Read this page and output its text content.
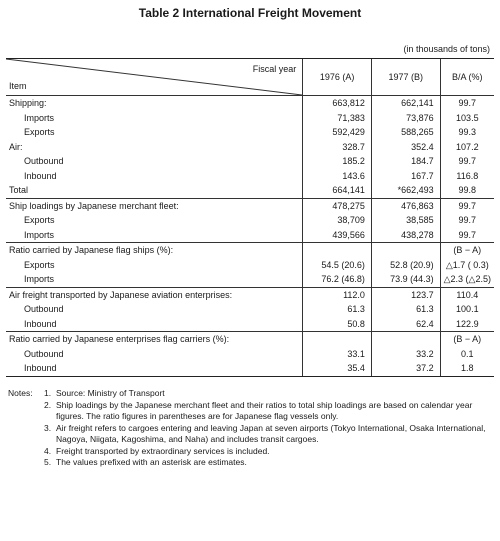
Table 2 International Freight Movement
(in thousands of tons)
Fiscal year
Item	1976 (A)	1977 (B)	B/A (%)
Shipping:	663,812	662,141	99.7
Imports	71,383	73,876	103.5
Exports	592,429	588,265	99.3
Air:	328.7	352.4	107.2
Outbound	185.2	184.7	99.7
Inbound	143.6	167.7	116.8
Total	664,141	*662,493	99.8
Ship loadings by Japanese merchant fleet:	478,275	476,863	99.7
Exports	38,709	38,585	99.7
Imports	439,566	438,278	99.7
Ratio carried by Japanese flag ships (%):			(B − A)
Exports	54.5 (20.6)	52.8 (20.9)	△1.7 ( 0.3)
Imports	76.2 (46.8)	73.9 (44.3)	△2.3 (△2.5)
Air freight transported by Japanese aviation enterprises:	112.0	123.7	110.4
Outbound	61.3	61.3	100.1
Inbound	50.8	62.4	122.9
Ratio carried by Japanese enterprises flag carriers (%):			(B − A)
Outbound	33.1	33.2	0.1
Inbound	35.4	37.2	1.8
Notes:	1. Source: Ministry of Transport
2. Ship loadings by the Japanese merchant fleet and their ratios to total ship loadings are based on calendar year figures. The ratio figures in parentheses are for Japanese flag vessels only.
3. Air freight refers to cargoes entering and leaving Japan at seven airports (Tokyo International, Osaka International, Nagoya, Niigata, Kagoshima, and Naha) and includes transit cargoes.
4. Freight transported by extraordinary services is included.
5. The values prefixed with an asterisk are estimates.
